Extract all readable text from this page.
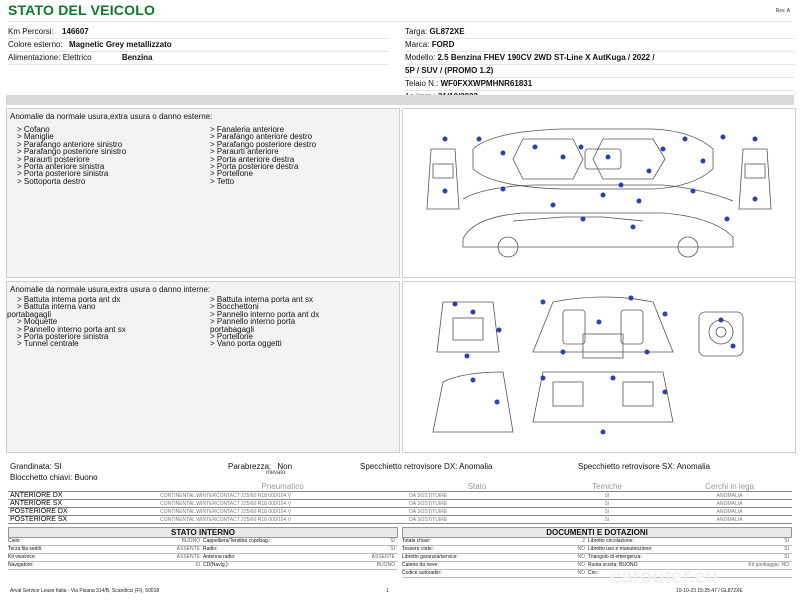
STATO DEL VEICOLO	Rev. A
Km Percorsi: 146607
Colore esterno: Magnetic Grey metallizzato
Alimentazione: Elettrico	Benzina
Targa: GL872XE
Marca: FORD
Modello: 2.5 Benzina FHEV 190CV 2WD ST-Line X AutKuga / 2022 /
5P / SUV / (PROMO 1.2)
Telaio N.: WF0FXXWPMHNR61831
Anomalie da normale usura,extra usura o danno esterne:
> Cofano
> Maniglie
> Parafango anteriore sinistro
> Parafango posteriore sinistro
> Paraurti posteriore
> Porta anteriore sinistra
> Porta posteriore sinistra
> Sottoporta destro
> Fanaleria anteriore
> Parafango anteriore destro
> Parafango posteriore destro
> Paraurti anteriore
> Porta anteriore destra
> Porta posteriore destra
> Portellone
> Tetto
Anomalie da normale usura,extra usura o danno interne:
> Battuta interna porta ant dx
> Battuta interna vano
portabagagli
> Moquette
> Pannello interno porta ant sx
> Porta posteriore sinistra
> Tunnel centrale
> Battuta interna porta ant sx
> Bocchettoni
> Pannello interno porta ant dx
> Pannello interno porta
portabagagli
> Portellone
> Vano porta oggetti
Grandinata: SI	Parabrezza: Non
rilevato
Specchietto retrovisore DX: Anomalia	Specchietto retrovisore SX: Anomalia
Blocchetto chiavi: Buono
	Pneumatico	Stato	Temiche	Cerchi in lega
ANTERIORE DX	CONTINENTAL WINTERCONTACT 225/60 R18 000/104 V	DA SOSTITUIRE	SI	ANOMALIA
ANTERIORE SX	CONTINENTAL WINTERCONTACT 225/60 R18 000/104 V	DA SOSTITUIRE	SI	ANOMALIA
POSTERIORE DX	CONTINENTAL WINTERCONTACT 225/60 R18 000/104 V	DA SOSTITUIRE	SI	ANOMALIA
POSTERIORE SX	CONTINENTAL WINTERCONTACT 225/60 R18 000/104 V	DA SOSTITUIRE	SI	ANOMALIA
STATO INTERNO
Cielo:	BUONO Cappelliera/Tendina copribag.:	SI
Terza fila sedili:	ASSENTE Radio:	SI
Kit vivavoce:	ASSENTE Antenna radio:	ASSENTE
Navigatore:	SI CD(Navig.):	BUONO
DOCUMENTI E DOTAZIONI
Totale chiavi:	2 Libretto circolazione:	SI
Tessere code:	NO Libretto uso e manutenzione:	SI
Libretto garanzia/service:	NO Triangolo di emergenza:	SI
Catene da neve:	NO Ruota scorta: BUONO	Kit gonfiaggio: NO
Codice autoradio:	NO Cric:
Arval Service Lease Italia - Via Pisana 314/B, Scandicci (FI), 50018	1	10-10-23 15:25:47 / GL872XE
carouter.eu
